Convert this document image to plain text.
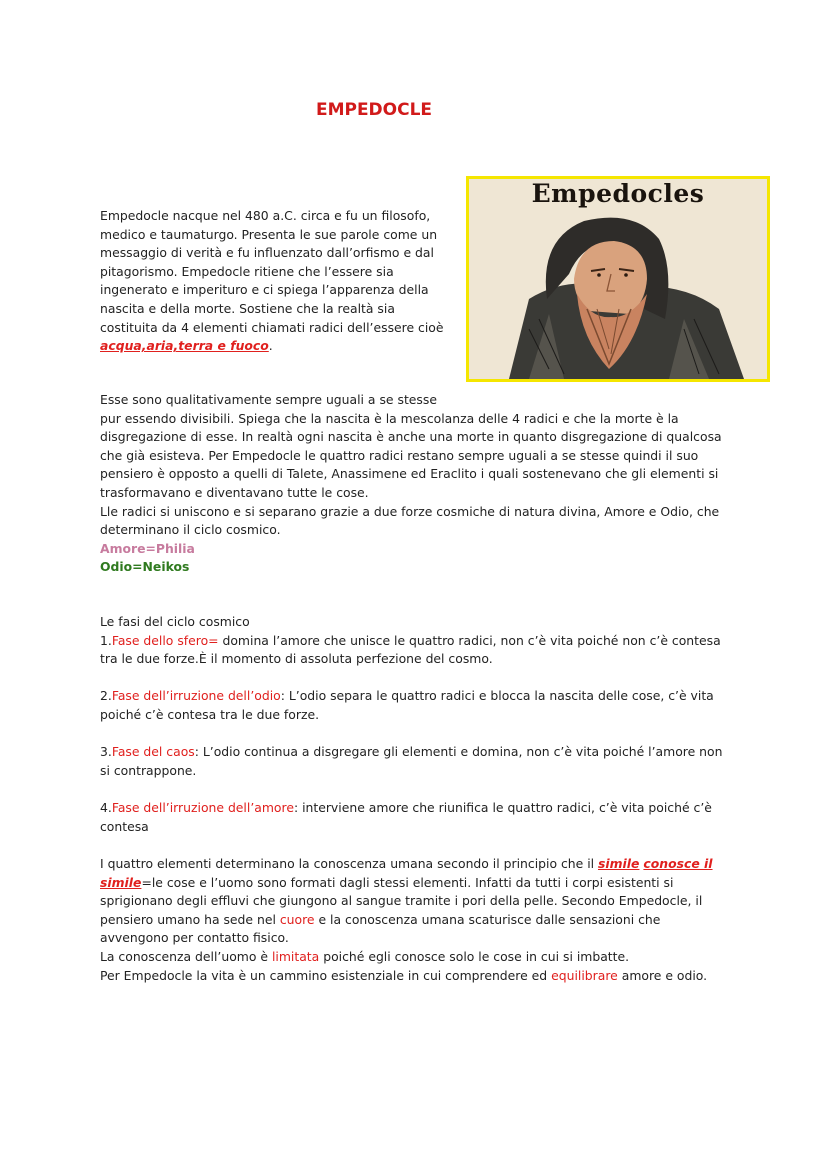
EMPEDOCLE
Empedocles

Empedocle nacque nel 480 a.C. circa e fu un filosofo, medico e taumaturgo. Presenta le sue parole come un messaggio di verità e fu influenzato dall’orfismo e dal pitagorismo. Empedocle ritiene che l’essere sia ingenerato e imperituro e ci spiega l’apparenza della nascita e della morte. Sostiene che la realtà sia costituita da 4 elementi chiamati radici dell’essere cioè acqua,aria,terra e fuoco.

Esse sono qualitativamente sempre uguali a se stesse
pur essendo divisibili. Spiega che la nascita è la mescolanza delle 4 radici e che la morte è la disgregazione di esse. In realtà ogni nascita è anche una morte in quanto disgregazione di qualcosa che già esisteva. Per Empedocle le quattro radici restano sempre uguali a se stesse quindi il suo pensiero è opposto a quelli di Talete, Anassimene ed Eraclito i quali sostenevano che gli elementi si trasformavano e diventavano tutte le cose.
Lle radici si uniscono e si separano grazie a due forze cosmiche di natura divina, Amore e Odio, che determinano il ciclo cosmico.
Amore=Philia
Odio=Neikos

Le fasi del ciclo cosmico
1.Fase dello sfero= domina l’amore che unisce le quattro radici, non c’è vita poiché non c’è contesa tra le due forze.È il momento di assoluta perfezione del cosmo.

2.Fase dell’irruzione dell’odio: L’odio separa le quattro radici e blocca la nascita delle cose, c’è vita poiché c’è contesa tra le due forze.

3.Fase del caos: L’odio continua a disgregare gli elementi e domina, non c’è vita poiché l’amore non si contrappone.

4.Fase dell’irruzione dell’amore: interviene amore che riunifica le quattro radici, c’è vita poiché c’è contesa

I quattro elementi determinano la conoscenza umana secondo il principio che il simile conosce il simile=le cose e l’uomo sono formati dagli stessi elementi. Infatti da tutti i corpi esistenti si sprigionano degli effluvi che giungono al sangue tramite i pori della pelle. Secondo Empedocle, il pensiero umano ha sede nel cuore e la conoscenza umana scaturisce dalle sensazioni che avvengono per contatto fisico.
La conoscenza dell’uomo è limitata poiché egli conosce solo le cose in cui si imbatte.
Per Empedocle la vita è un cammino esistenziale in cui comprendere ed equilibrare amore e odio.
